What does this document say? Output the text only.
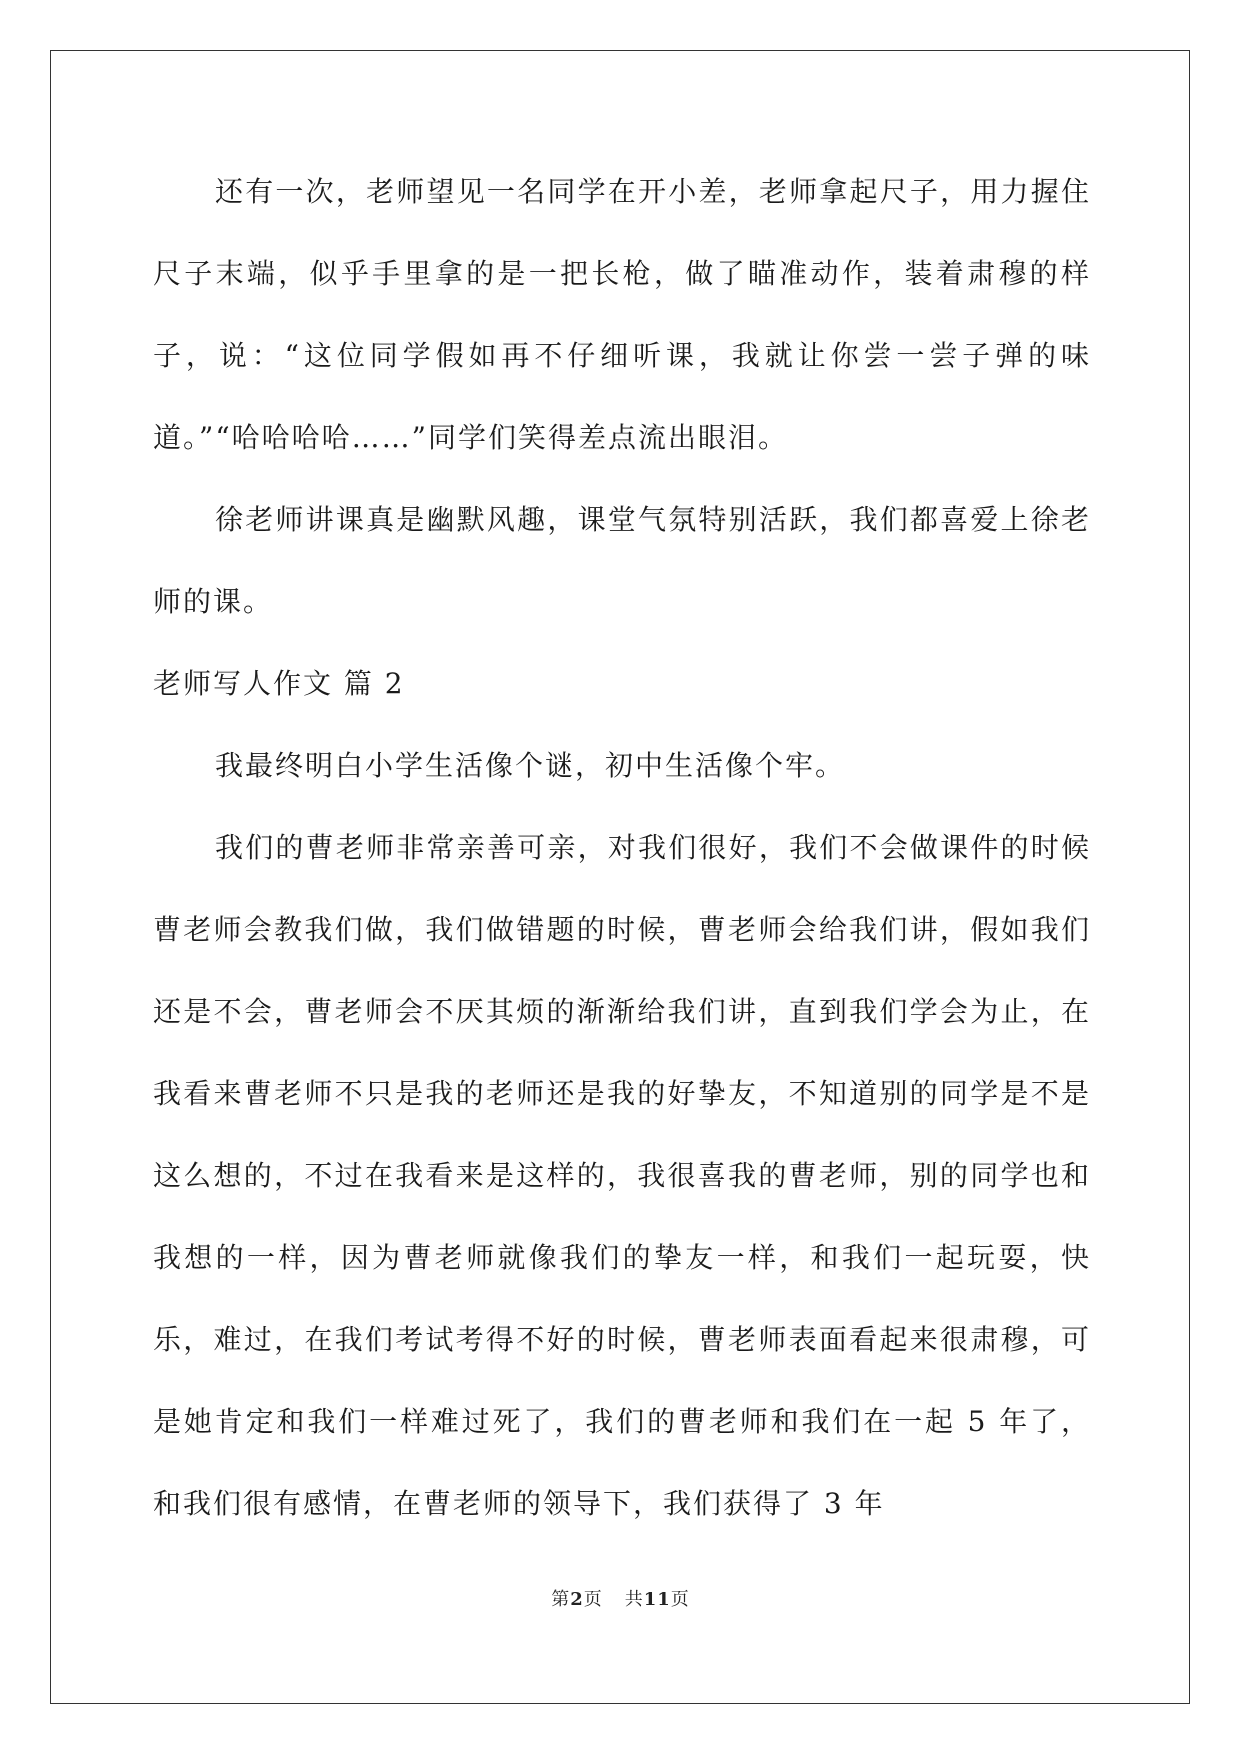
还有一次，老师望见一名同学在开小差，老师拿起尺子，用力握住尺子末端，似乎手里拿的是一把长枪，做了瞄准动作，装着肃穆的样子，说：“这位同学假如再不仔细听课，我就让你尝一尝子弹的味道。”“哈哈哈哈……”同学们笑得差点流出眼泪。

徐老师讲课真是幽默风趣，课堂气氛特别活跃，我们都喜爱上徐老师的课。

老师写人作文 篇 2

我最终明白小学生活像个谜，初中生活像个牢。

我们的曹老师非常亲善可亲，对我们很好，我们不会做课件的时候曹老师会教我们做，我们做错题的时候，曹老师会给我们讲，假如我们还是不会，曹老师会不厌其烦的渐渐给我们讲，直到我们学会为止，在我看来曹老师不只是我的老师还是我的好挚友，不知道别的同学是不是这么想的，不过在我看来是这样的，我很喜我的曹老师，别的同学也和我想的一样，因为曹老师就像我们的挚友一样，和我们一起玩耍，快乐，难过，在我们考试考得不好的时候，曹老师表面看起来很肃穆，可是她肯定和我们一样难过死了，我们的曹老师和我们在一起 5 年了，和我们很有感情，在曹老师的领导下，我们获得了 3 年

第2页 共11页
